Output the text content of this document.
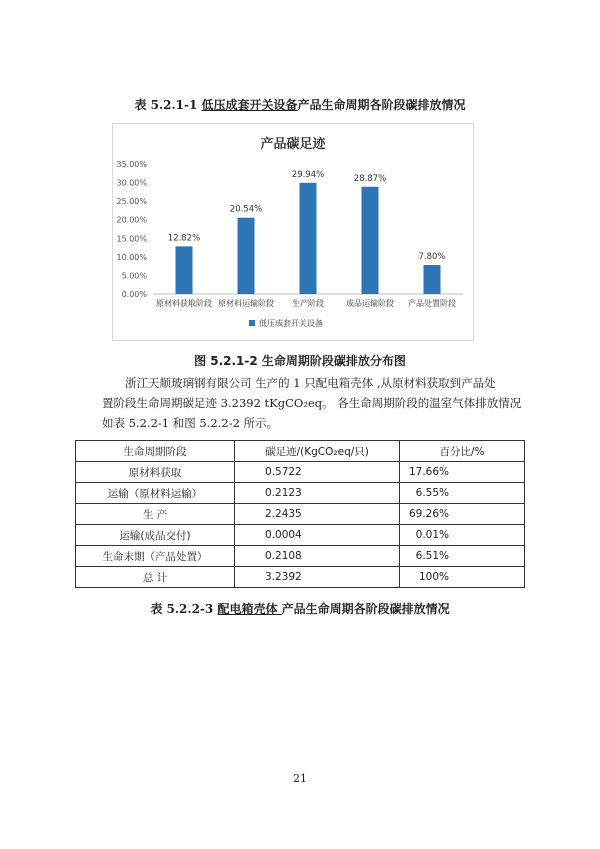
表 5.2.1-1 低压成套开关设备产品生命周期各阶段碳排放情况
产品碳足迹
0.00%
5.00%
10.00%
15.00%
20.00%
25.00%
30.00%
35.00%
12.82%
原材料获取阶段
20.54%
原材料运输阶段
29.94%
生产阶段
28.87%
成品运输阶段
7.80%
产品处置阶段
低压成套开关设备
图 5.2.1-2 生命周期阶段碳排放分布图
浙江天顺玻璃钢有限公司 生产的 1 只配电箱壳体 ,从原材料获取到产品处
置阶段生命周期碳足迹 3.2392 tKgCO₂eq。 各生命周期阶段的温室气体排放情况
如表 5.2.2-1 和图 5.2.2-2 所示。
生命周期阶段	碳足迹/(KgCO₂eq/只)	百分比/%
原材料获取	0.5722	17.66%
运输（原材料运输）	0.2123	6.55%
生 产	2.2435	69.26%
运输(成品交付)	0.0004	0.01%
生命末期（产品处置）	0.2108	6.51%
总 计	3.2392	100%
表 5.2.2-3 配电箱壳体 产品生命周期各阶段碳排放情况
21
